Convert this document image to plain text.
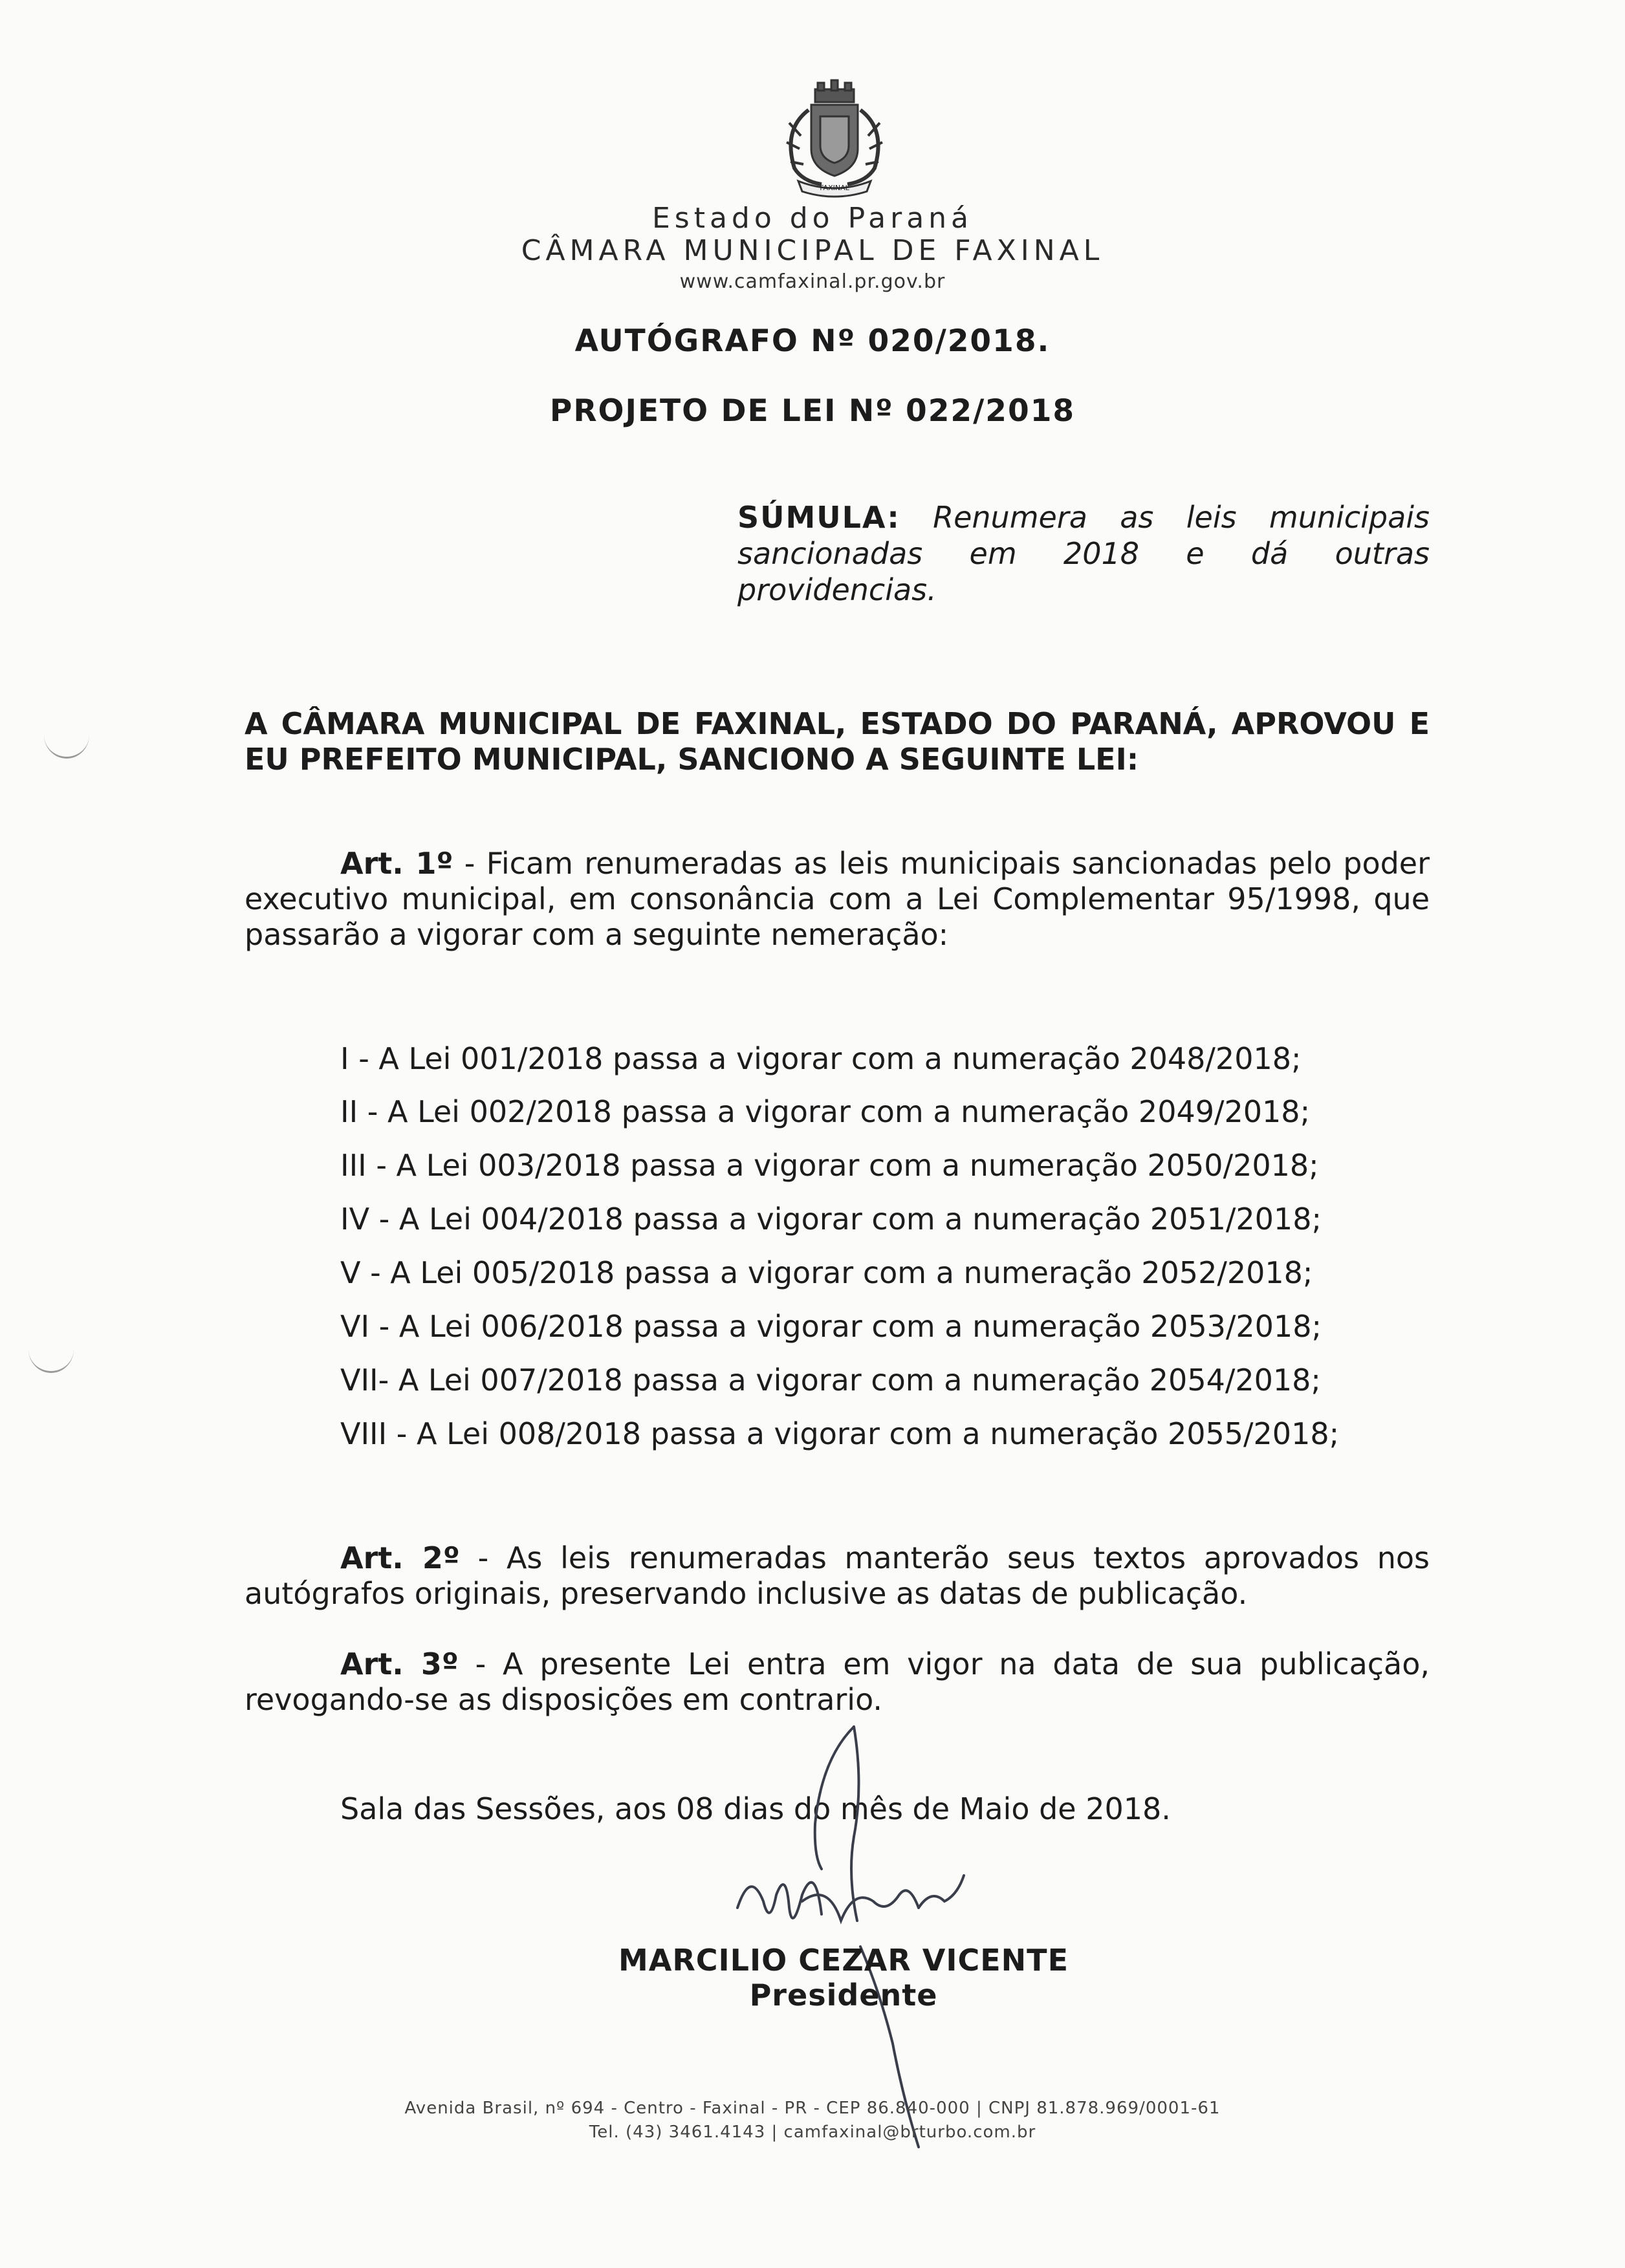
FAXINAL
Estado do Paraná
CÂMARA MUNICIPAL DE FAXINAL
www.camfaxinal.pr.gov.br
AUTÓGRAFO Nº 020/2018.
PROJETO DE LEI Nº 022/2018
SÚMULA: Renumera as leis municipais sancionadas em 2018 e dá outras providencias.
A CÂMARA MUNICIPAL DE FAXINAL, ESTADO DO PARANÁ, APROVOU E EU PREFEITO MUNICIPAL, SANCIONO A SEGUINTE LEI:
Art. 1º - Ficam renumeradas as leis municipais sancionadas pelo poder executivo municipal, em consonância com a Lei Complementar 95/1998, que passarão a vigorar com a seguinte nemeração:
I - A Lei 001/2018 passa a vigorar com a numeração 2048/2018;
II - A Lei 002/2018 passa a vigorar com a numeração 2049/2018;
III - A Lei 003/2018 passa a vigorar com a numeração 2050/2018;
IV - A Lei 004/2018 passa a vigorar com a numeração 2051/2018;
V - A Lei 005/2018 passa a vigorar com a numeração 2052/2018;
VI - A Lei 006/2018 passa a vigorar com a numeração 2053/2018;
VII- A Lei 007/2018 passa a vigorar com a numeração 2054/2018;
VIII - A Lei 008/2018 passa a vigorar com a numeração 2055/2018;
Art. 2º - As leis renumeradas manterão seus textos aprovados nos autógrafos originais, preservando inclusive as datas de publicação.
Art. 3º - A presente Lei entra em vigor na data de sua publicação, revogando-se as disposições em contrario.
Sala das Sessões, aos 08 dias do mês de Maio de 2018.
MARCILIO CEZAR VICENTE
Presidente
Avenida Brasil, nº 694 - Centro - Faxinal - PR - CEP 86.840-000 | CNPJ 81.878.969/0001-61
Tel. (43) 3461.4143 | camfaxinal@brturbo.com.br
